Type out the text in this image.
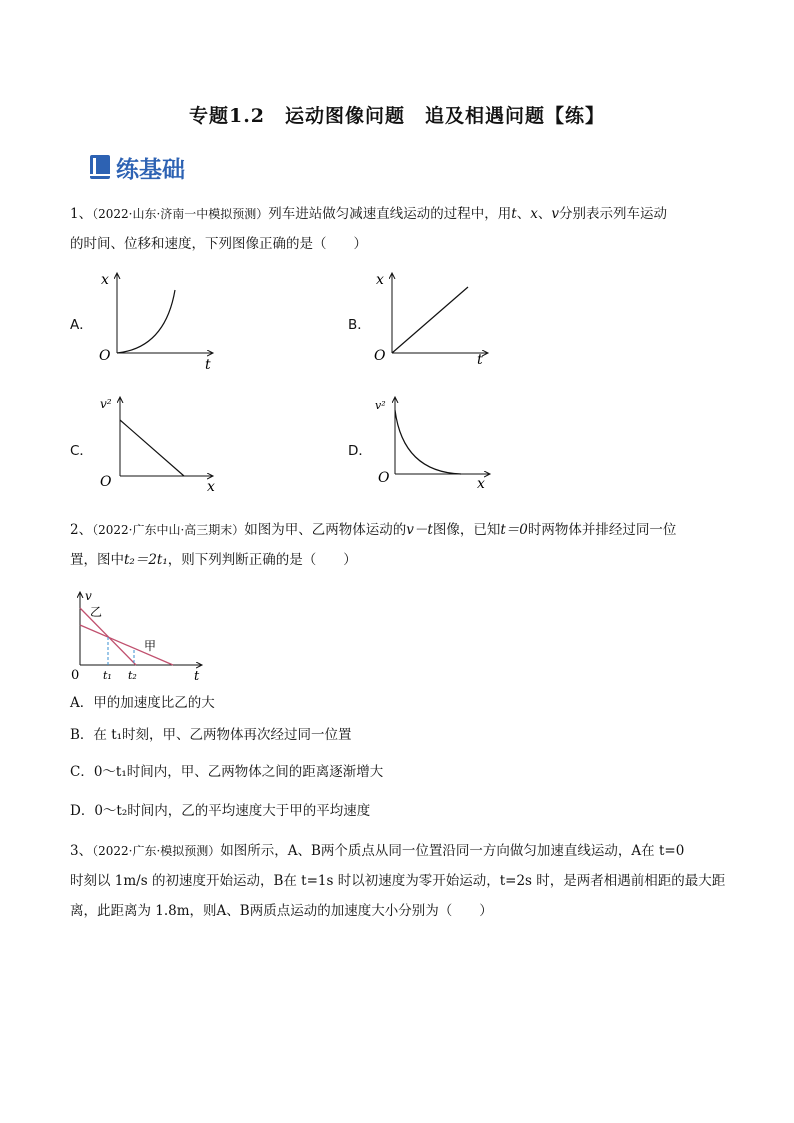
专题1.2　运动图像问题　追及相遇问题【练】
练基础
1、（2022·山东·济南一中模拟预测）列车进站做匀减速直线运动的过程中，用t、x、v分别表示列车运动
的时间、位移和速度，下列图像正确的是（　　）
A．	B．
C．	D．
x
O
t
x
O	t
v²
O	x
v²
O	x
2、（2022·广东中山·高三期末）如图为甲、乙两物体运动的v－t图像，已知t＝0时两物体并排经过同一位
置，图中t₂＝2t₁，则下列判断正确的是（　　）
v
乙
甲
0 t₁ t₂	t
A．甲的加速度比乙的大
B．在 t₁时刻，甲、乙两物体再次经过同一位置
C．0～t₁时间内，甲、乙两物体之间的距离逐渐增大
D．0～t₂时间内，乙的平均速度大于甲的平均速度
3、（2022·广东·模拟预测）如图所示，A、B两个质点从同一位置沿同一方向做匀加速直线运动，A在 t=0
时刻以 1m/s 的初速度开始运动，B在 t=1s 时以初速度为零开始运动，t=2s 时，是两者相遇前相距的最大距
离，此距离为 1.8m，则A、B两质点运动的加速度大小分别为（　　）
